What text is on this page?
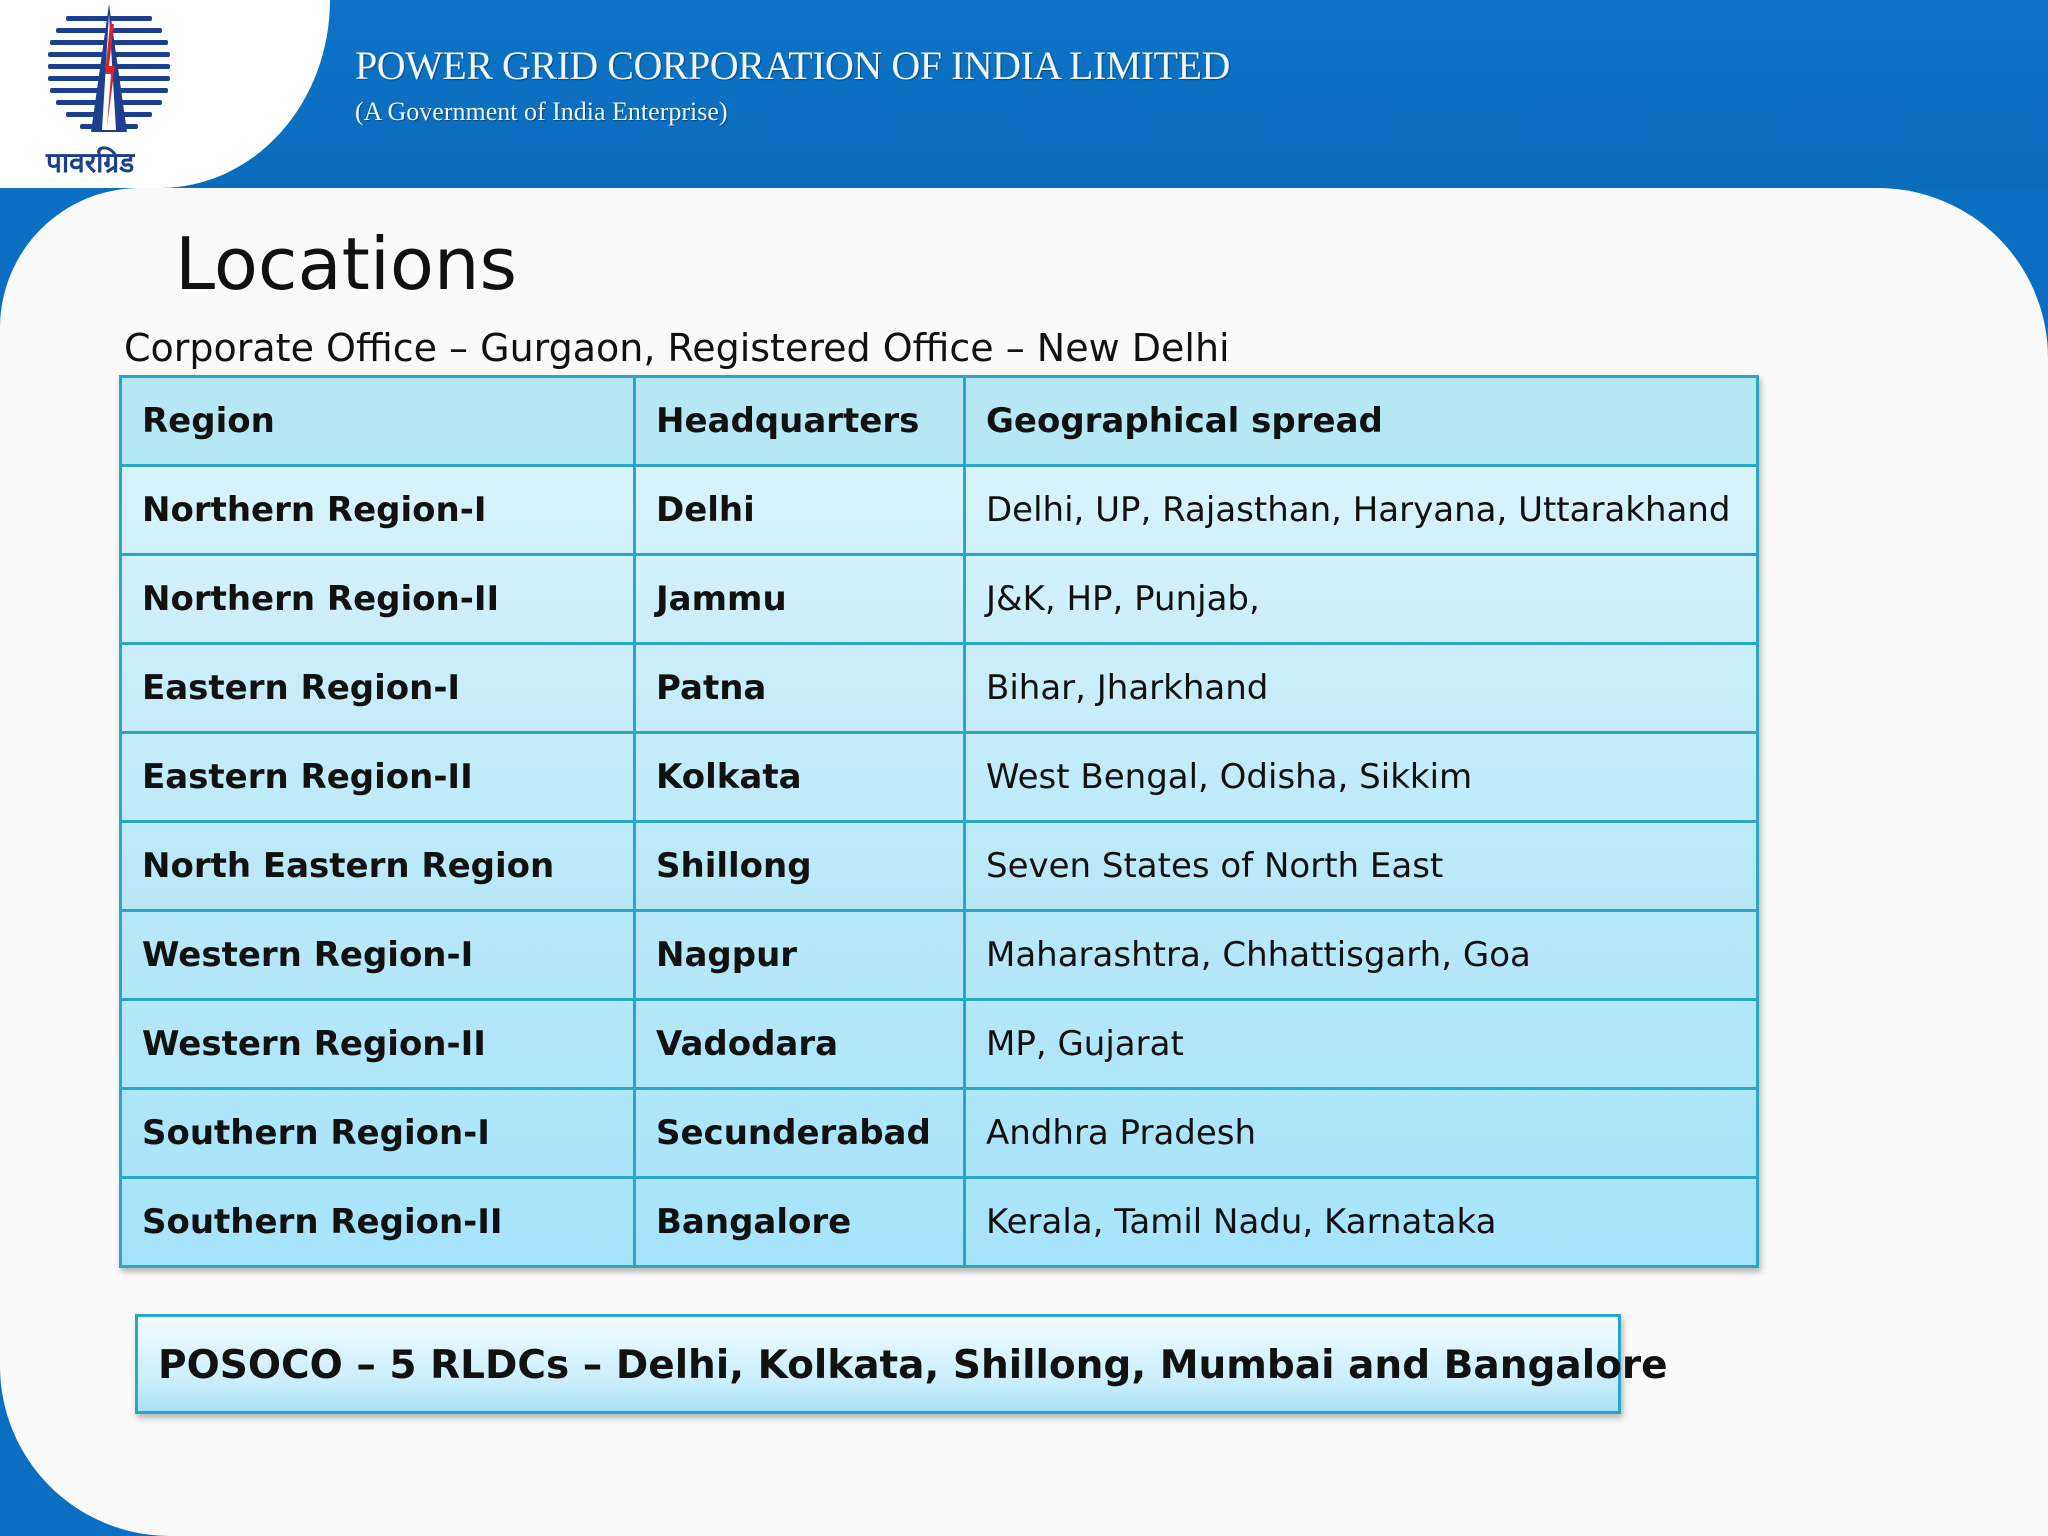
पावरग्रिड
POWER GRID CORPORATION OF INDIA LIMITED
(A Government of India Enterprise)
Locations
Corporate Office – Gurgaon, Registered Office – New Delhi
Region	Headquarters	Geographical spread
Northern Region-I	Delhi	Delhi, UP, Rajasthan, Haryana, Uttarakhand
Northern Region-II	Jammu	J&K, HP, Punjab,
Eastern Region-I	Patna	Bihar, Jharkhand
Eastern Region-II	Kolkata	West Bengal, Odisha, Sikkim
North Eastern Region	Shillong	Seven States of North East
Western Region-I	Nagpur	Maharashtra, Chhattisgarh, Goa
Western Region-II	Vadodara	MP, Gujarat
Southern Region-I	Secunderabad	Andhra Pradesh
Southern Region-II	Bangalore	Kerala, Tamil Nadu, Karnataka
POSOCO – 5 RLDCs – Delhi, Kolkata, Shillong, Mumbai and Bangalore
